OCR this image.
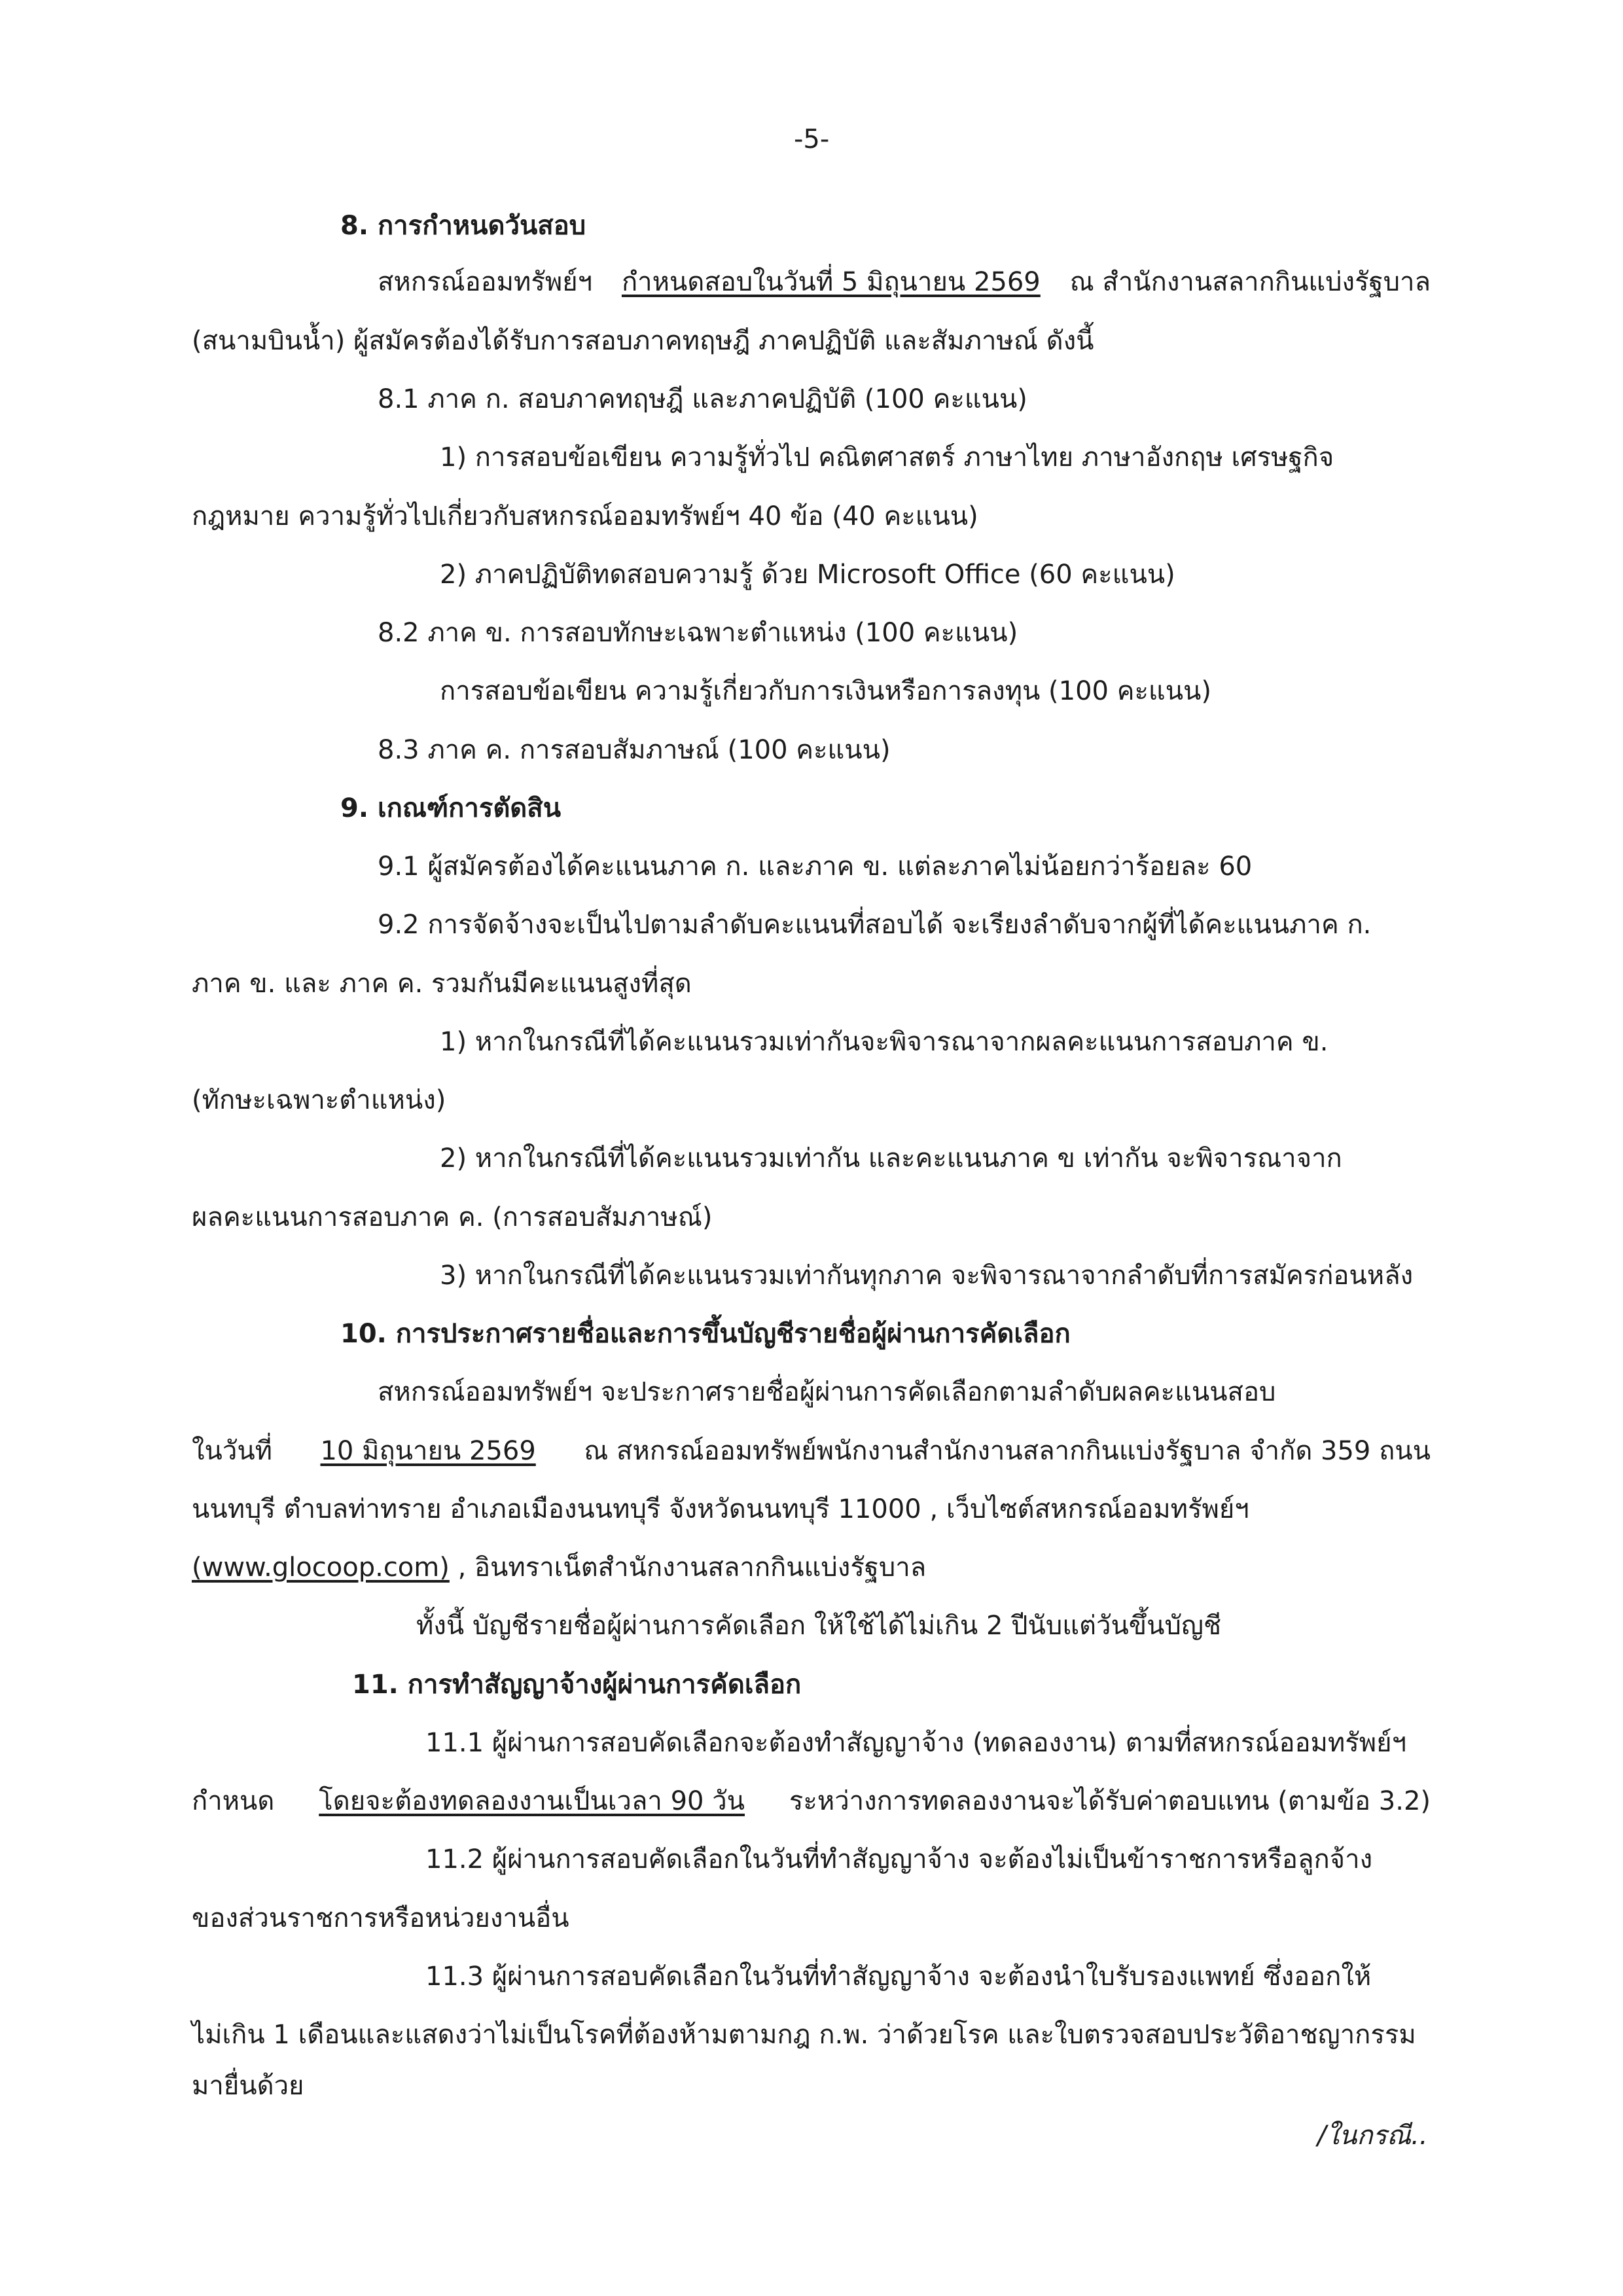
-5-
8. การกำหนดวันสอบ
สหกรณ์ออมทรัพย์ฯ กำหนดสอบในวันที่ 5 มิถุนายน 2569 ณ สำนักงานสลากกินแบ่งรัฐบาล
(สนามบินน้ำ) ผู้สมัครต้องได้รับการสอบภาคทฤษฎี ภาคปฏิบัติ และสัมภาษณ์ ดังนี้
8.1 ภาค ก. สอบภาคทฤษฎี และภาคปฏิบัติ (100 คะแนน)
1) การสอบข้อเขียน ความรู้ทั่วไป คณิตศาสตร์ ภาษาไทย ภาษาอังกฤษ เศรษฐกิจ
กฎหมาย ความรู้ทั่วไปเกี่ยวกับสหกรณ์ออมทรัพย์ฯ 40 ข้อ (40 คะแนน)
2) ภาคปฏิบัติทดสอบความรู้ ด้วย Microsoft Office (60 คะแนน)
8.2 ภาค ข. การสอบทักษะเฉพาะตำแหน่ง (100 คะแนน)
การสอบข้อเขียน ความรู้เกี่ยวกับการเงินหรือการลงทุน (100 คะแนน)
8.3 ภาค ค. การสอบสัมภาษณ์ (100 คะแนน)
9. เกณฑ์การตัดสิน
9.1 ผู้สมัครต้องได้คะแนนภาค ก. และภาค ข. แต่ละภาคไม่น้อยกว่าร้อยละ 60
9.2 การจัดจ้างจะเป็นไปตามลำดับคะแนนที่สอบได้ จะเรียงลำดับจากผู้ที่ได้คะแนนภาค ก.
ภาค ข. และ ภาค ค. รวมกันมีคะแนนสูงที่สุด
1) หากในกรณีที่ได้คะแนนรวมเท่ากันจะพิจารณาจากผลคะแนนการสอบภาค ข.
(ทักษะเฉพาะตำแหน่ง)
2) หากในกรณีที่ได้คะแนนรวมเท่ากัน และคะแนนภาค ข เท่ากัน จะพิจารณาจาก
ผลคะแนนการสอบภาค ค. (การสอบสัมภาษณ์)
3) หากในกรณีที่ได้คะแนนรวมเท่ากันทุกภาค จะพิจารณาจากลำดับที่การสมัครก่อนหลัง
10. การประกาศรายชื่อและการขึ้นบัญชีรายชื่อผู้ผ่านการคัดเลือก
สหกรณ์ออมทรัพย์ฯ จะประกาศรายชื่อผู้ผ่านการคัดเลือกตามลำดับผลคะแนนสอบ
ในวันที่ 10 มิถุนายน 2569 ณ สหกรณ์ออมทรัพย์พนักงานสำนักงานสลากกินแบ่งรัฐบาล จำกัด 359 ถนน
นนทบุรี ตำบลท่าทราย อำเภอเมืองนนทบุรี จังหวัดนนทบุรี 11000 , เว็บไซต์สหกรณ์ออมทรัพย์ฯ
(www.glocoop.com) , อินทราเน็ตสำนักงานสลากกินแบ่งรัฐบาล
ทั้งนี้ บัญชีรายชื่อผู้ผ่านการคัดเลือก ให้ใช้ได้ไม่เกิน 2 ปีนับแต่วันขึ้นบัญชี
11. การทำสัญญาจ้างผู้ผ่านการคัดเลือก
11.1 ผู้ผ่านการสอบคัดเลือกจะต้องทำสัญญาจ้าง (ทดลองงาน) ตามที่สหกรณ์ออมทรัพย์ฯ
กำหนด โดยจะต้องทดลองงานเป็นเวลา 90 วัน ระหว่างการทดลองงานจะได้รับค่าตอบแทน (ตามข้อ 3.2)
11.2 ผู้ผ่านการสอบคัดเลือกในวันที่ทำสัญญาจ้าง จะต้องไม่เป็นข้าราชการหรือลูกจ้าง
ของส่วนราชการหรือหน่วยงานอื่น
11.3 ผู้ผ่านการสอบคัดเลือกในวันที่ทำสัญญาจ้าง จะต้องนำใบรับรองแพทย์ ซึ่งออกให้
ไม่เกิน 1 เดือนและแสดงว่าไม่เป็นโรคที่ต้องห้ามตามกฎ ก.พ. ว่าด้วยโรค และใบตรวจสอบประวัติอาชญากรรม
มายื่นด้วย
/ในกรณี..
